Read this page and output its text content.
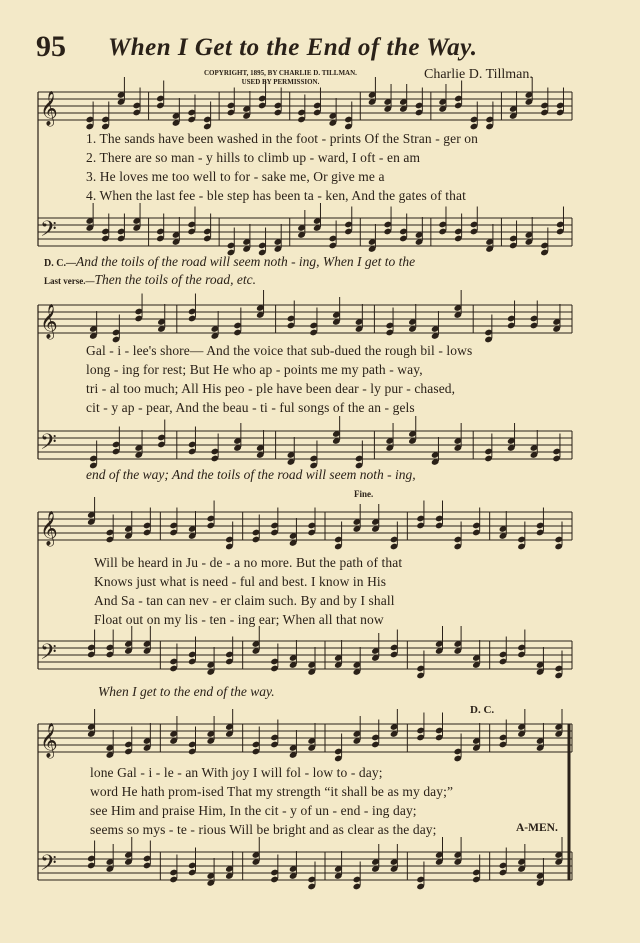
95 When I Get to the End of the Way.
COPYRIGHT, 1895, BY CHARLIE D. TILLMAN.
USED BY PERMISSION.	Charlie D. Tillman.
𝄞
𝄢
𝄞
𝄢
𝄞
𝄢
𝄞
𝄢
1. The sands have been washed in the foot - prints Of the Stran - ger on
2. There are so man - y hills to climb up - ward, I oft - en am
3. He loves me too well to for - sake me, Or give me a
4. When the last fee - ble step has been ta - ken, And the gates of that
D. C.—And the toils of the road will seem noth - ing, When I get to the
Last verse.—Then the toils of the road, etc.
Gal - i - lee's shore— And the voice that sub-dued the rough bil - lows
long - ing for rest; But He who ap - points me my path - way,
tri - al too much; All His peo - ple have been dear - ly pur - chased,
cit - y ap - pear, And the beau - ti - ful songs of the an - gels
end of the way; And the toils of the road will seem noth - ing,
Fine.
Will be heard in Ju - de - a no more. But the path of that
Knows just what is need - ful and best. I know in His
And Sa - tan can nev - er claim such. By and by I shall
Float out on my lis - ten - ing ear; When all that now
When I get to the end of the way.
D. C.
lone Gal - i - le - an With joy I will fol - low to - day;
word He hath prom-ised That my strength “it shall be as my day;”
see Him and praise Him, In the cit - y of un - end - ing day;
seems so mys - te - rious Will be bright and as clear as the day;	A-MEN.
